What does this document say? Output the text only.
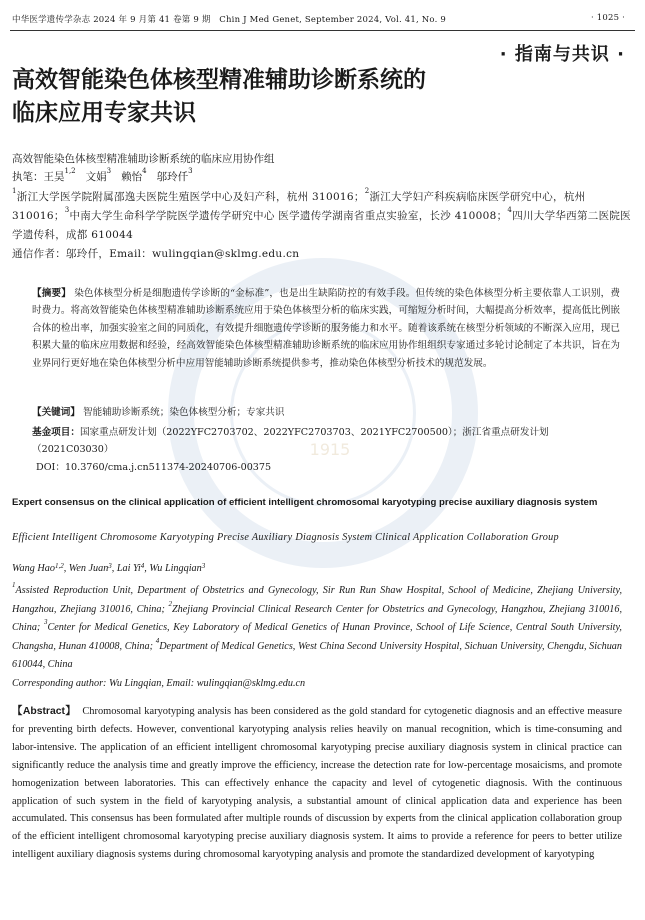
1915
中华医学遗传学杂志 2024 年 9 月第 41 卷第 9 期　Chin J Med Genet, September 2024, Vol. 41, No. 9	· 1025 ·
· 指南与共识 ·
高效智能染色体核型精准辅助诊断系统的
临床应用专家共识
高效智能染色体核型精准辅助诊断系统的临床应用协作组
执笔：王昊$^{1,2}$ 文娟$^3$ 赖怡$^4$ 邬玲仟$^3$
$^1$浙江大学医学院附属邵逸夫医院生殖医学中心及妇产科，杭州 310016；$^2$浙江大学妇产科疾病临床医学研究中心，杭州 310016；$^3$中南大学生命科学学院医学遗传学研究中心 医学遗传学湖南省重点实验室，长沙 410008；$^4$四川大学华西第二医院医学遗传科，成都 610044
通信作者：邬玲仟，Email：wulingqian@sklmg.edu.cn
【摘要】 染色体核型分析是细胞遗传学诊断的“金标准”，也是出生缺陷防控的有效手段。但传统的染色体核型分析主要依靠人工识别，费时费力。将高效智能染色体核型精准辅助诊断系统应用于染色体核型分析的临床实践，可缩短分析时间，大幅提高分析效率，提高低比例嵌合体的检出率，加强实验室之间的同质化，有效提升细胞遗传学诊断的服务能力和水平。随着该系统在核型分析领域的不断深入应用，现已积累大量的临床应用数据和经验，经高效智能染色体核型精准辅助诊断系统的临床应用协作组组织专家通过多轮讨论制定了本共识，旨在为业界同行更好地在染色体核型分析中应用智能辅助诊断系统提供参考，推动染色体核型分析技术的规范发展。
【关键词】 智能辅助诊断系统；染色体核型分析；专家共识
基金项目：国家重点研发计划（2022YFC2703702、2022YFC2703703、2021YFC2700500）；浙江省重点研发计划（2021C03030）
DOI：10.3760/cma.j.cn511374-20240706-00375
Expert consensus on the clinical application of efficient intelligent chromosomal karyotyping precise auxiliary diagnosis system
Efficient Intelligent Chromosome Karyotyping Precise Auxiliary Diagnosis System Clinical Application Collaboration Group
Wang Hao$^{1,2}$, Wen Juan$^3$, Lai Yi$^4$, Wu Lingqian$^3$
$^1$Assisted Reproduction Unit, Department of Obstetrics and Gynecology, Sir Run Run Shaw Hospital, School of Medicine, Zhejiang University, Hangzhou, Zhejiang 310016, China; $^2$Zhejiang Provincial Clinical Research Center for Obstetrics and Gynecology, Hangzhou, Zhejiang 310016, China; $^3$Center for Medical Genetics, Key Laboratory of Medical Genetics of Hunan Province, School of Life Science, Central South University, Changsha, Hunan 410008, China; $^4$Department of Medical Genetics, West China Second University Hospital, Sichuan University, Chengdu, Sichuan 610044, China
Corresponding author: Wu Lingqian, Email: wulingqian@sklmg.edu.cn
【Abstract】 Chromosomal karyotyping analysis has been considered as the gold standard for cytogenetic diagnosis and an effective measure for preventing birth defects. However, conventional karyotyping analysis relies heavily on manual recognition, which is time-consuming and labor-intensive. The application of an efficient intelligent chromosomal karyotyping precise auxiliary diagnosis system in clinical practice can significantly reduce the analysis time and greatly improve the efficiency, increase the detection rate for low-percentage mosaicisms, and promote homogenization between laboratories. This can effectively enhance the capacity and level of cytogenetic diagnosis. With the continuous application of such system in the field of karyotyping analysis, a substantial amount of clinical application data and experience has been accumulated. This consensus has been formulated after multiple rounds of discussion by experts from the clinical application collaboration group of the efficient intelligent chromosomal karyotyping precise auxiliary diagnosis system. It aims to provide a reference for peers to better utilize intelligent auxiliary diagnosis systems during chromosomal karyotyping analysis and promote the standardized development of karyotyping
